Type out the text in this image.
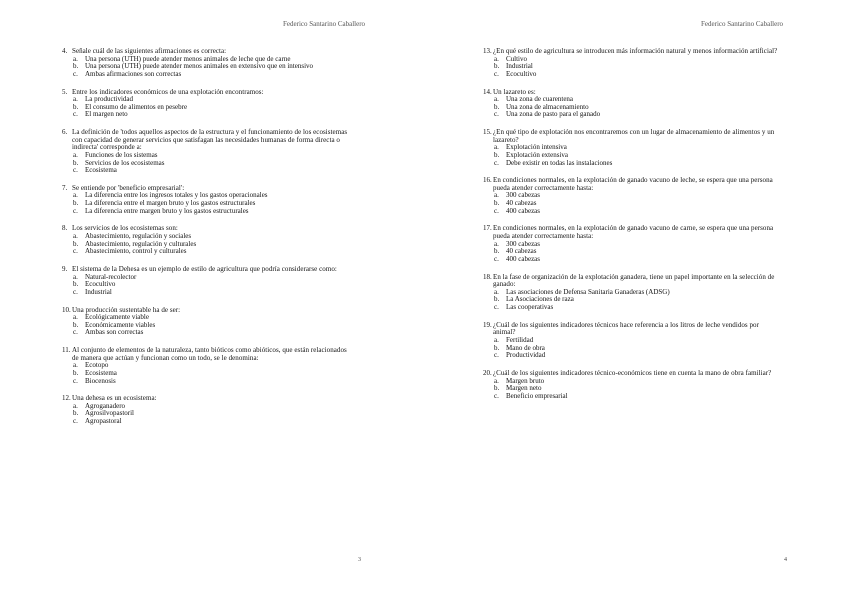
Federico Santarino Caballero
4. Señale cuál de las siguientes afirmaciones es correcta:
a.	Una persona (UTH) puede atender menos animales de leche que de carne
b. Una persona (UTH) puede atender menos animales en extensivo que en intensivo
c.	Ambas afirmaciones son correctas
5. Entre los indicadores económicos de una explotación encontramos:
a.	La productividad
b. El consumo de alimentos en pesebre
c.	El margen neto
6. La definición de 'todos aquellos aspectos de la estructura y el funcionamiento de los ecosistemas con capacidad de generar servicios que satisfagan las necesidades humanas de forma directa o indirecta' corresponde a:
a.	Funciones de los sistemas
b. Servicios de los ecosistemas
c.	Ecosistema
7. Se entiende por 'beneficio empresarial':
a.	La diferencia entre los ingresos totales y los gastos operacionales
b. La diferencia entre el margen bruto y los gastos estructurales
c.	La diferencia entre margen bruto y los gastos estructurales
8. Los servicios de los ecosistemas son:
a.	Abastecimiento, regulación y sociales
b. Abastecimiento, regulación y culturales
c.	Abastecimiento, control y culturales
9. El sistema de la Dehesa es un ejemplo de estilo de agricultura que podría considerarse como:
a.	Natural-recolector
b. Ecocultivo
c.	Industrial
10. Una producción sustentable ha de ser:
a.	Ecológicamente viable
b. Económicamente viables
c.	Ambas son correctas
11. Al conjunto de elementos de la naturaleza, tanto bióticos como abióticos, que están relacionados de manera que actúan y funcionan como un todo, se le denomina:
a.	Ecotopo
b. Ecosistema
c.	Biocenosis
12. Una dehesa es un ecosistema:
a.	Agroganadero
b. Agrosilvopastoril
c.	Agropastoral
3
Federico Santarino Caballero
13. ¿En qué estilo de agricultura se introducen más información natural y menos información artificial?
a.	Cultivo
b. Industrial
c.	Ecocultivo
14. Un lazareto es:
a.	Una zona de cuarentena
b. Una zona de almacenamiento
c.	Una zona de pasto para el ganado
15. ¿En qué tipo de explotación nos encontraremos con un lugar de almacenamiento de alimentos y un lazareto?
a.	Explotación intensiva
b. Explotación extensiva
c.	Debe existir en todas las instalaciones
16. En condiciones normales, en la explotación de ganado vacuno de leche, se espera que una persona pueda atender correctamente hasta:
a.	300 cabezas
b. 40 cabezas
c.	400 cabezas
17. En condiciones normales, en la explotación de ganado vacuno de carne, se espera que una persona pueda atender correctamente hasta:
a.	300 cabezas
b. 40 cabezas
c.	400 cabezas
18. En la fase de organización de la explotación ganadera, tiene un papel importante en la selección de ganado:
a.	Las asociaciones de Defensa Sanitaria Ganaderas (ADSG)
b. La Asociaciones de raza
c.	Las cooperativas
19. ¿Cuál de los siguientes indicadores técnicos hace referencia a los litros de leche vendidos por animal?
a.	Fertilidad
b. Mano de obra
c.	Productividad
20. ¿Cuál de los siguientes indicadores técnico-económicos tiene en cuenta la mano de obra familiar?
a.	Margen bruto
b. Margen neto
c.	Beneficio empresarial
4
